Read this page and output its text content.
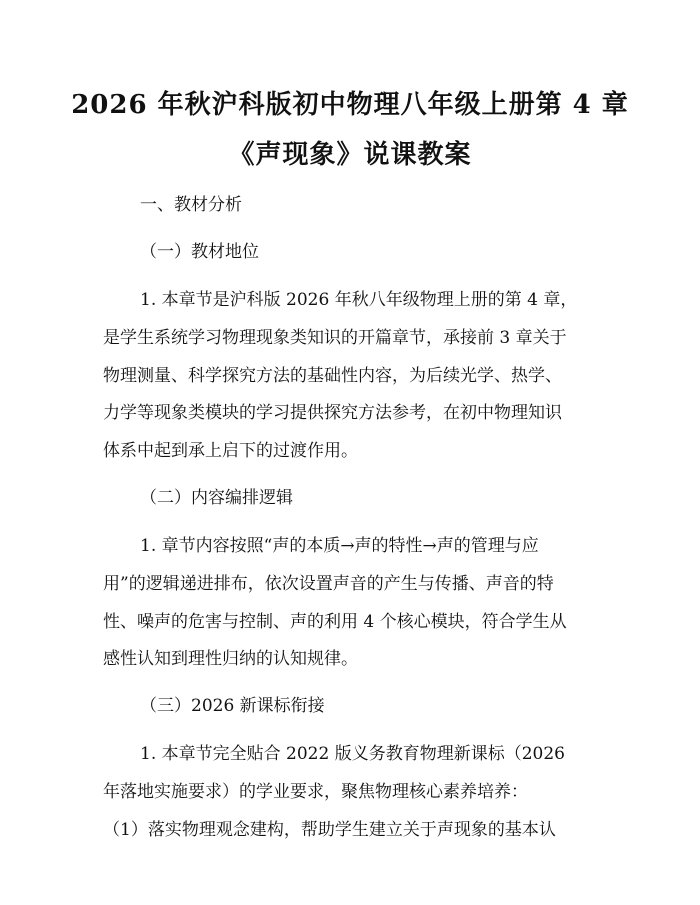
2026 年秋沪科版初中物理八年级上册第 4 章
《声现象》说课教案

一、教材分析

（一）教材地位

1. 本章节是沪科版 2026 年秋八年级物理上册的第 4 章，

是学生系统学习物理现象类知识的开篇章节，承接前 3 章关于

物理测量、科学探究方法的基础性内容，为后续光学、热学、

力学等现象类模块的学习提供探究方法参考，在初中物理知识

体系中起到承上启下的过渡作用。

（二）内容编排逻辑

1. 章节内容按照“声的本质→声的特性→声的管理与应

用”的逻辑递进排布，依次设置声音的产生与传播、声音的特

性、噪声的危害与控制、声的利用 4 个核心模块，符合学生从

感性认知到理性归纳的认知规律。

（三）2026 新课标衔接

1. 本章节完全贴合 2022 版义务教育物理新课标（2026

年落地实施要求）的学业要求，聚焦物理核心素养培养：

（1）落实物理观念建构，帮助学生建立关于声现象的基本认
